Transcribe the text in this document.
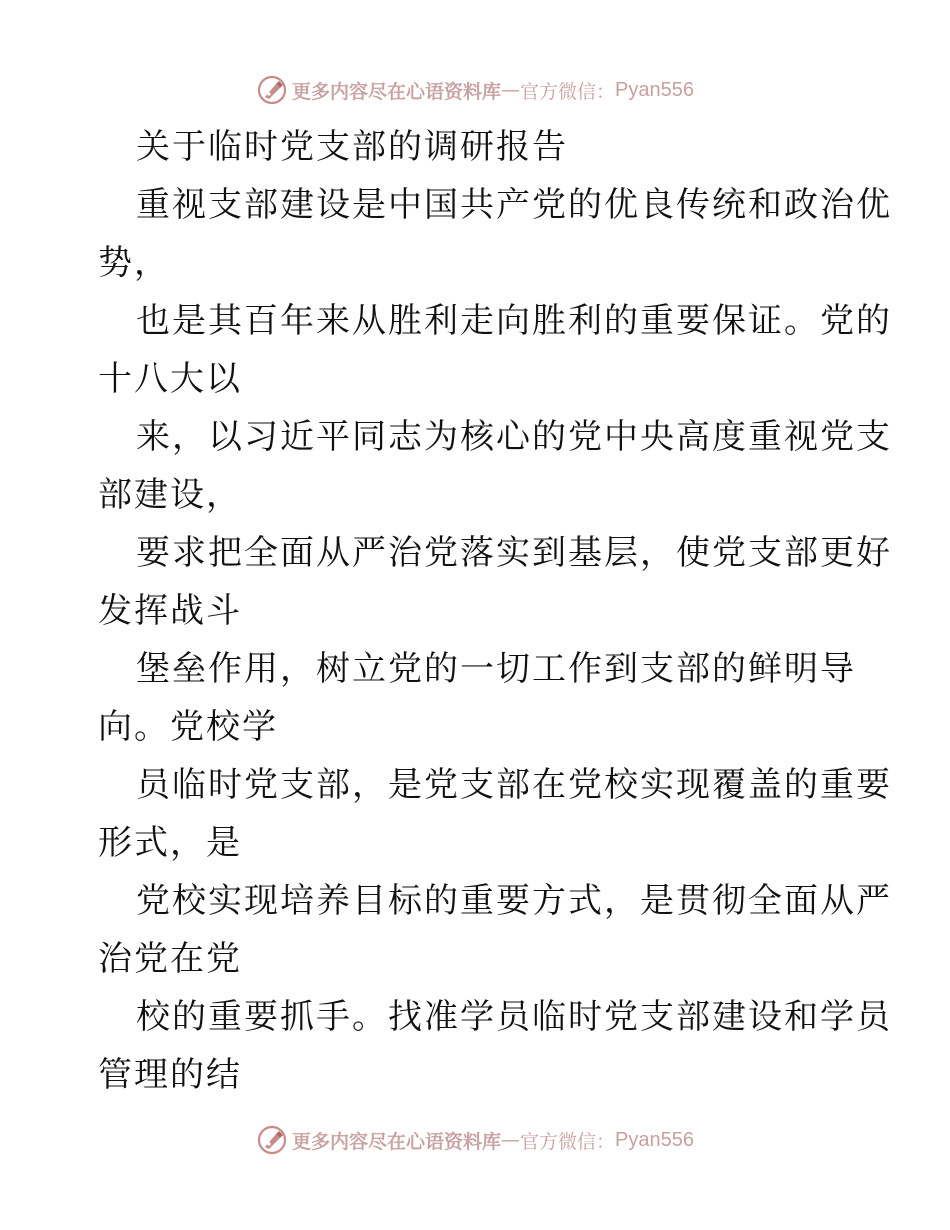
更多内容尽在心语资料库 — 官方微信： Pyan556
关于临时党支部的调研报告
重视支部建设是中国共产党的优良传统和政治优
势，
也是其百年来从胜利走向胜利的重要保证。党的
十八大以
来，以习近平同志为核心的党中央高度重视党支
部建设，
要求把全面从严治党落实到基层，使党支部更好
发挥战斗
堡垒作用，树立党的一切工作到支部的鲜明导
向。党校学
员临时党支部，是党支部在党校实现覆盖的重要
形式，是
党校实现培养目标的重要方式，是贯彻全面从严
治党在党
校的重要抓手。找准学员临时党支部建设和学员
管理的结
更多内容尽在心语资料库 — 官方微信： Pyan556
